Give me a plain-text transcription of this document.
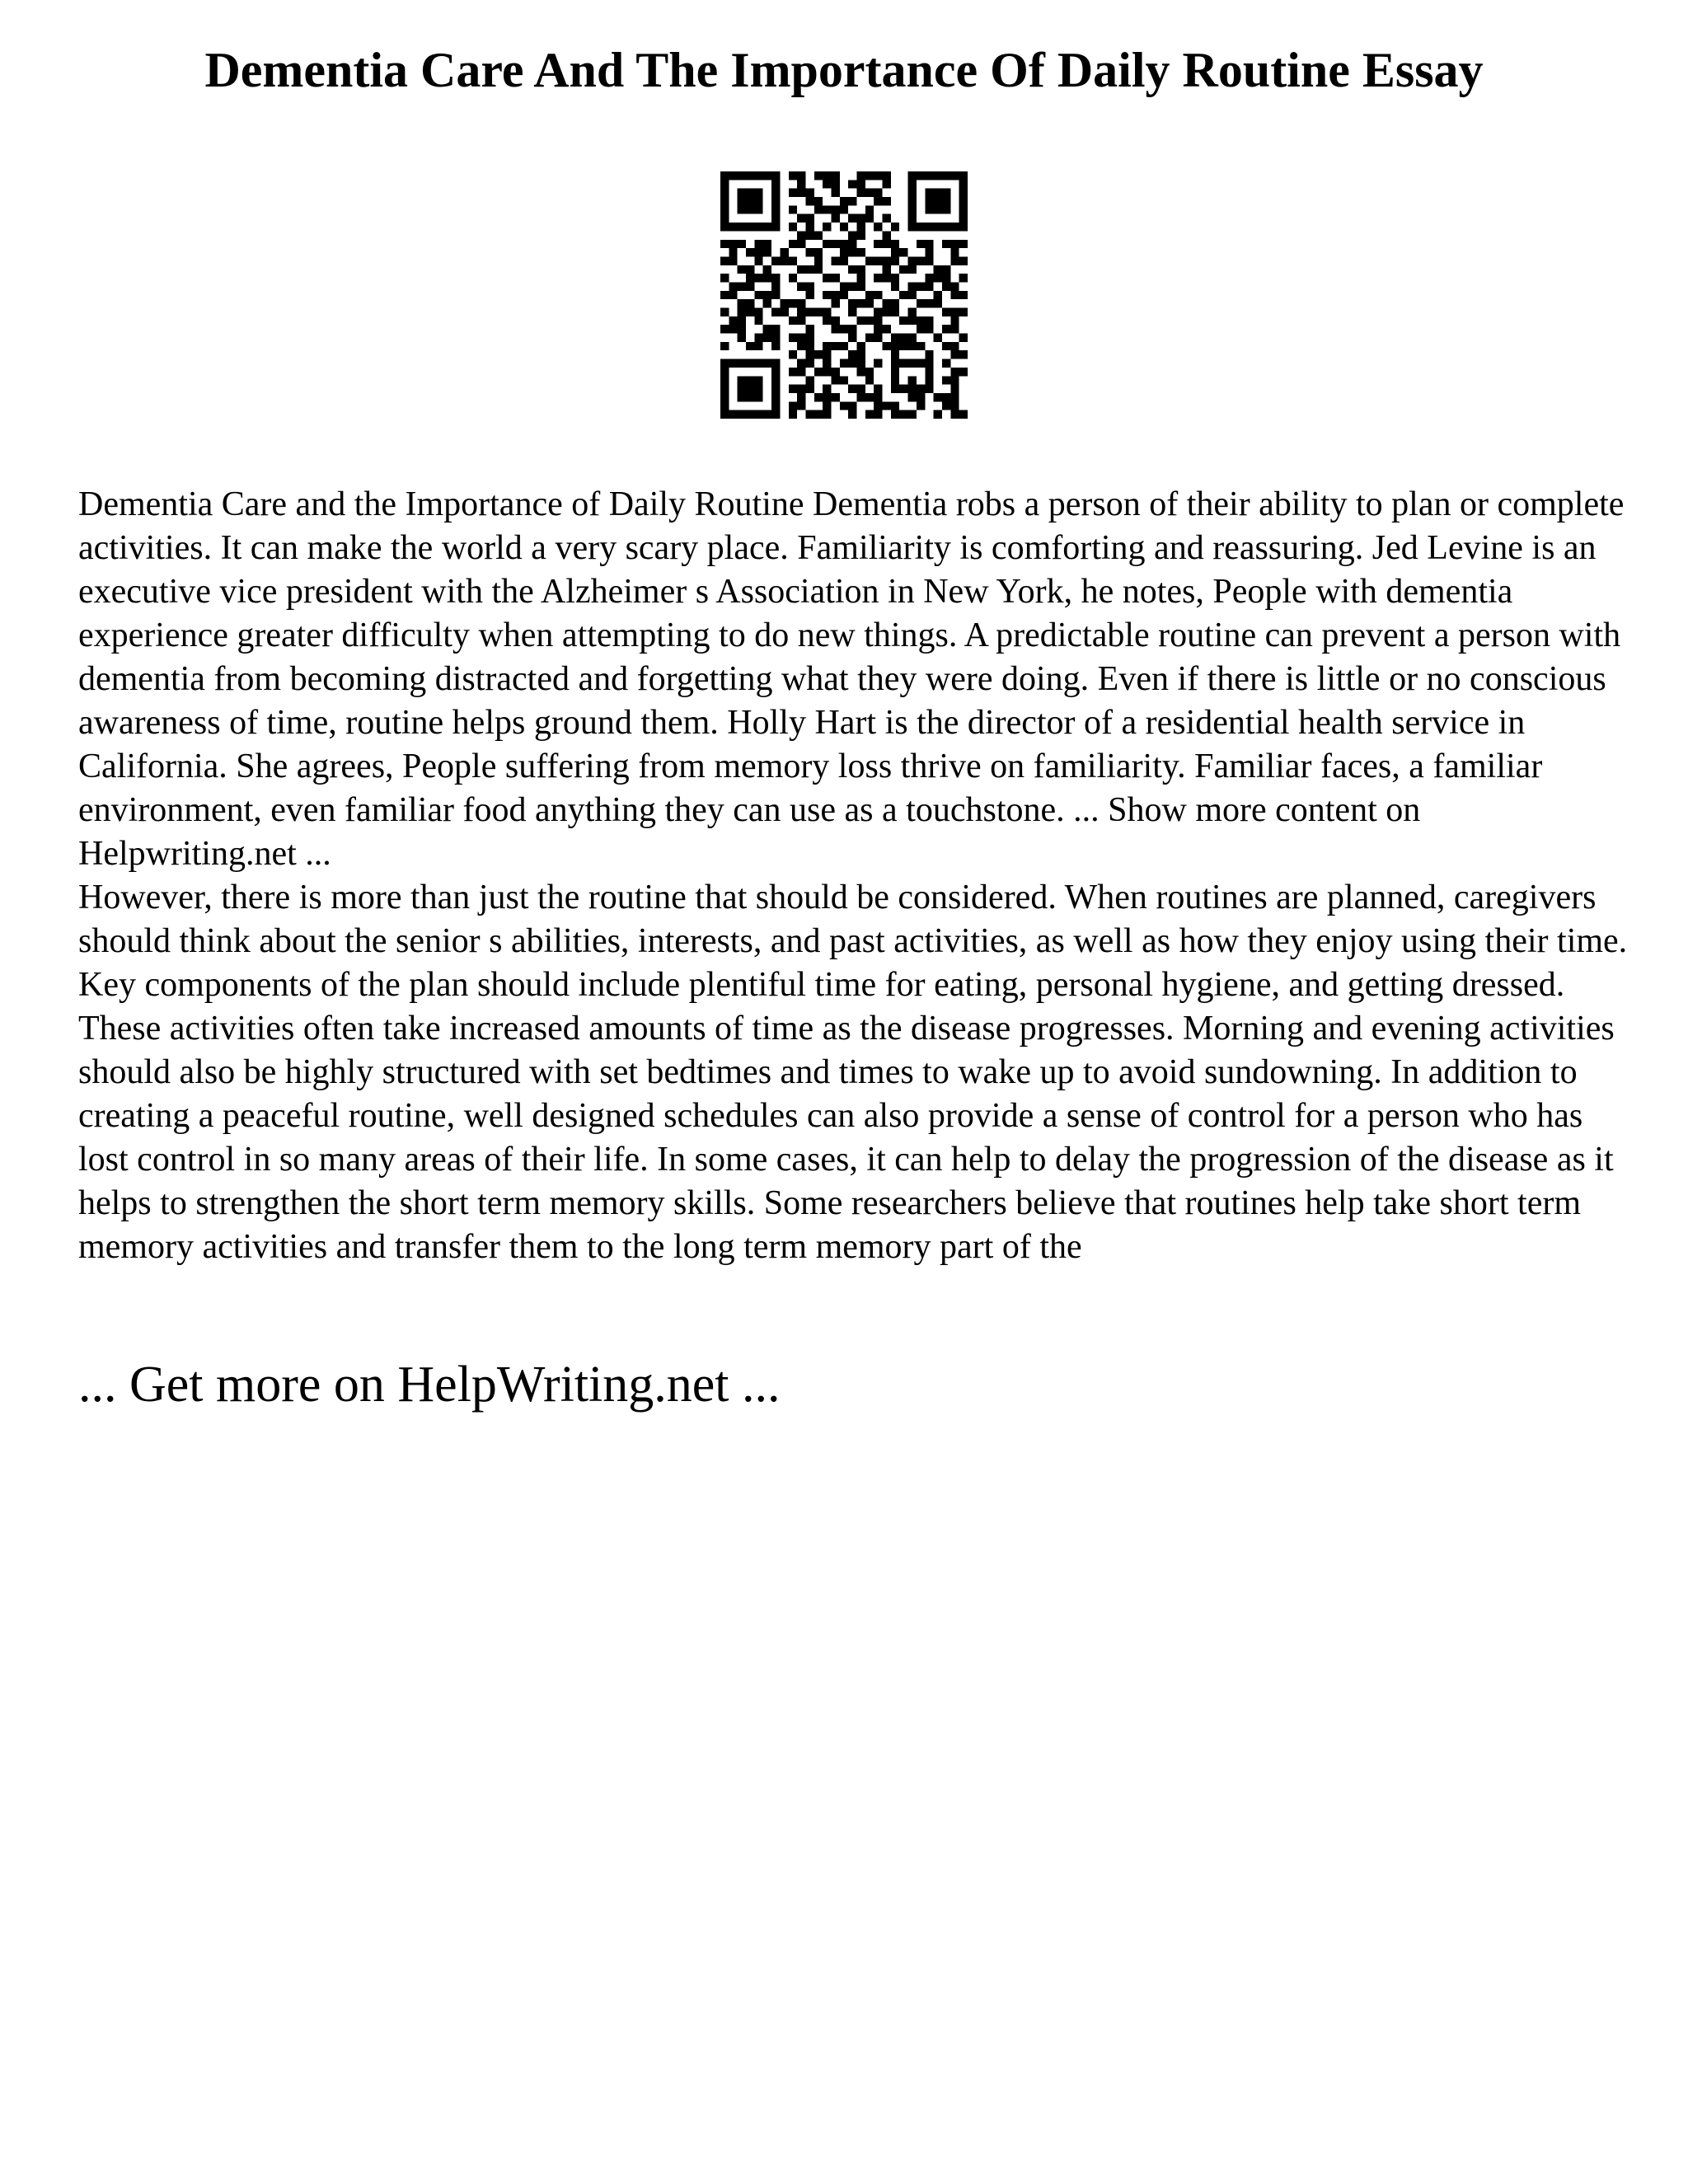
Dementia Care And The Importance Of Daily Routine Essay

Dementia Care and the Importance of Daily Routine Dementia robs a person of their ability to plan or complete activities. It can make the world a very scary place. Familiarity is comforting and reassuring. Jed Levine is an executive vice president with the Alzheimer s Association in New York, he notes, People with dementia experience greater difficulty when attempting to do new things. A predictable routine can prevent a person with dementia from becoming distracted and forgetting what they were doing. Even if there is little or no conscious awareness of time, routine helps ground them. Holly Hart is the director of a residential health service in California. She agrees, People suffering from memory loss thrive on familiarity. Familiar faces, a familiar environment, even familiar food anything they can use as a touchstone. ... Show more content on Helpwriting.net ...

However, there is more than just the routine that should be considered. When routines are planned, caregivers should think about the senior s abilities, interests, and past activities, as well as how they enjoy using their time. Key components of the plan should include plentiful time for eating, personal hygiene, and getting dressed. These activities often take increased amounts of time as the disease progresses. Morning and evening activities should also be highly structured with set bedtimes and times to wake up to avoid sundowning. In addition to creating a peaceful routine, well designed schedules can also provide a sense of control for a person who has lost control in so many areas of their life. In some cases, it can help to delay the progression of the disease as it helps to strengthen the short term memory skills. Some researchers believe that routines help take short term memory activities and transfer them to the long term memory part of the

... Get more on HelpWriting.net ...
